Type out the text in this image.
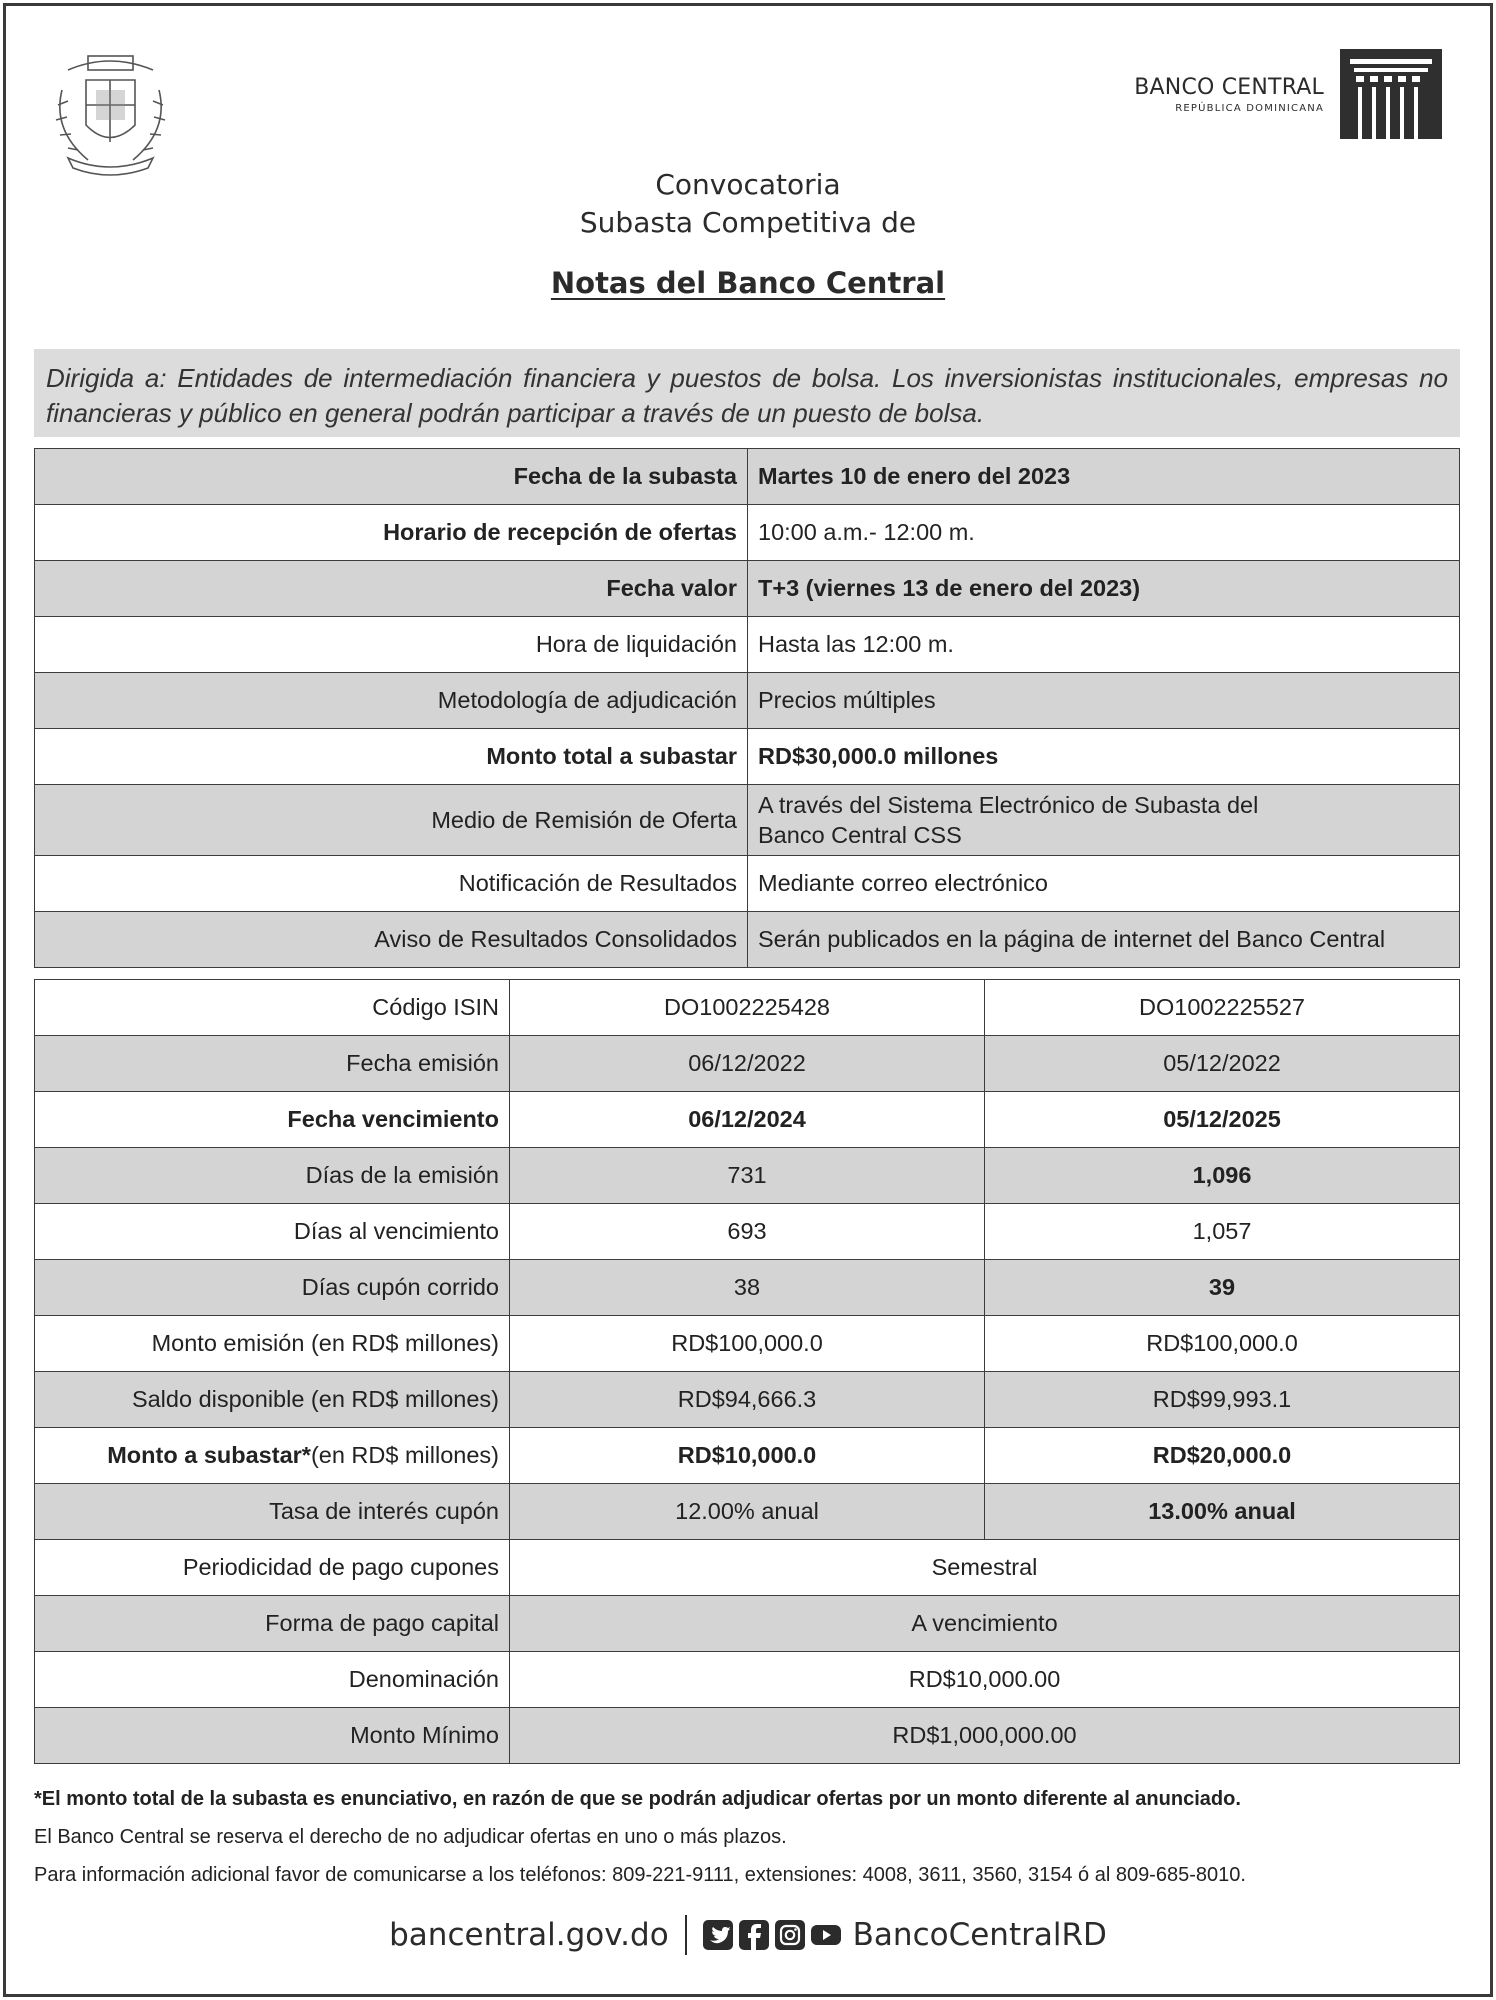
BANCO CENTRAL
REPÚBLICA DOMINICANA
Convocatoria
Subasta Competitiva de
Notas del Banco Central
Dirigida a: Entidades de intermediación financiera y puestos de bolsa. Los inversionistas institucionales, empresas no financieras y público en general podrán participar a través de un puesto de bolsa.
Fecha de la subasta	Martes 10 de enero del 2023
Horario de recepción de ofertas	10:00 a.m.- 12:00 m.
Fecha valor	T+3 (viernes 13 de enero del 2023)
Hora de liquidación	Hasta las 12:00 m.
Metodología de adjudicación	Precios múltiples
Monto total a subastar	RD$30,000.0 millones
Medio de Remisión de Oferta	A través del Sistema Electrónico de Subasta del
Banco Central CSS

Notificación de Resultados	Mediante correo electrónico
Aviso de Resultados Consolidados	Serán publicados en la página de internet del Banco Central
Código ISIN	DO1002225428	DO1002225527
Fecha emisión	06/12/2022	05/12/2022
Fecha vencimiento	06/12/2024	05/12/2025
Días de la emisión	731	1,096
Días al vencimiento	693	1,057
Días cupón corrido	38	39
Monto emisión (en RD$ millones)	RD$100,000.0	RD$100,000.0
Saldo disponible (en RD$ millones)	RD$94,666.3	RD$99,993.1
Monto a subastar*(en RD$ millones)	RD$10,000.0	RD$20,000.0
Tasa de interés cupón	12.00% anual	13.00% anual
Periodicidad de pago cupones	Semestral	
Forma de pago capital	A vencimiento	
Denominación	RD$10,000.00	
Monto Mínimo	RD$1,000,000.00	
*El monto total de la subasta es enunciativo, en razón de que se podrán adjudicar ofertas por un monto diferente al anunciado.
El Banco Central se reserva el derecho de no adjudicar ofertas en uno o más plazos.
Para información adicional favor de comunicarse a los teléfonos: 809-221-9111, extensiones: 4008, 3611, 3560, 3154 ó al 809-685-8010.
bancentral.gov.do	BancoCentralRD
